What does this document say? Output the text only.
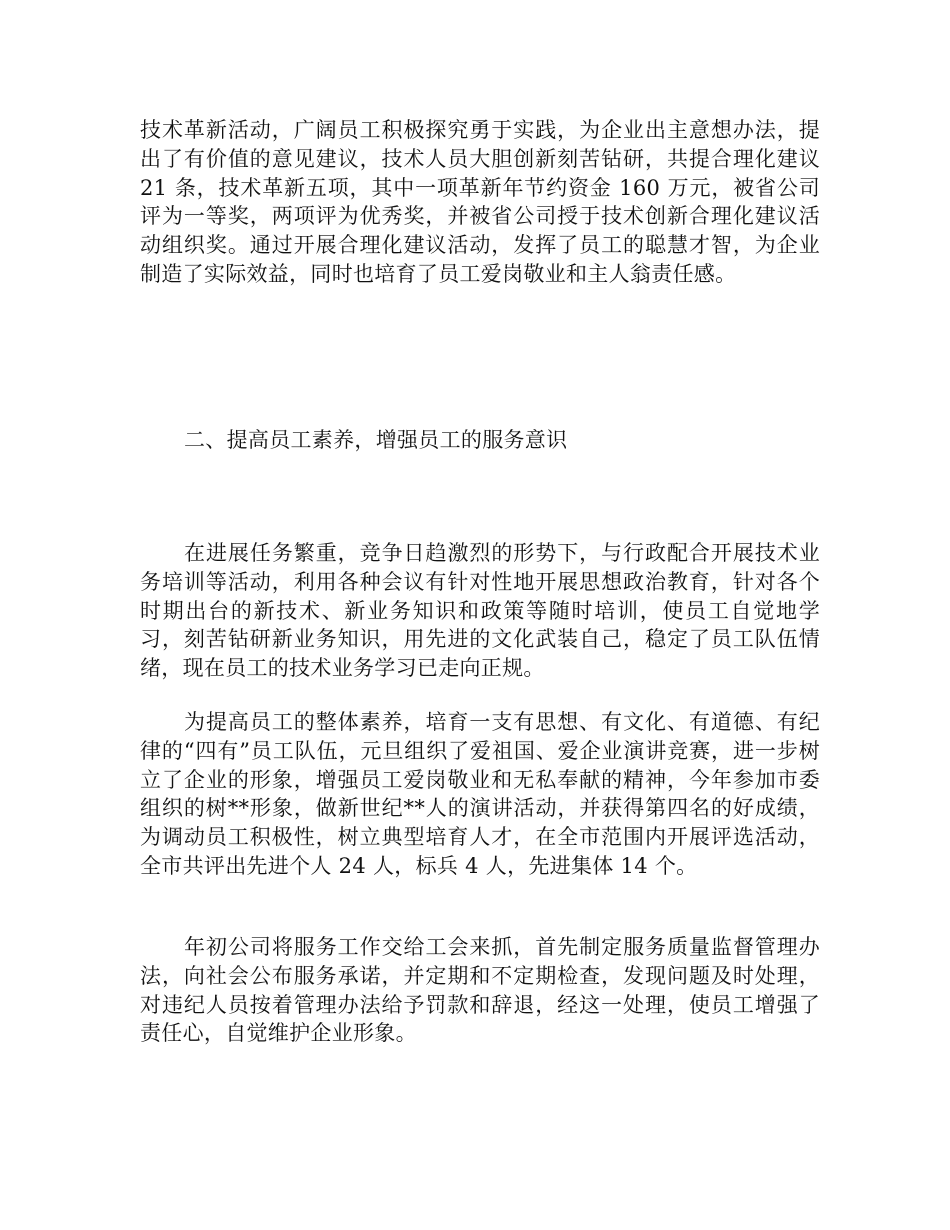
技术革新活动，广阔员工积极探究勇于实践，为企业出主意想办法，提出了有价值的意见建议，技术人员大胆创新刻苦钻研，共提合理化建议 21 条，技术革新五项，其中一项革新年节约资金 160 万元，被省公司评为一等奖，两项评为优秀奖，并被省公司授于技术创新合理化建议活动组织奖。通过开展合理化建议活动，发挥了员工的聪慧才智，为企业制造了实际效益，同时也培育了员工爱岗敬业和主人翁责任感。

二、提高员工素养，增强员工的服务意识

在进展任务繁重，竞争日趋激烈的形势下，与行政配合开展技术业务培训等活动，利用各种会议有针对性地开展思想政治教育，针对各个时期出台的新技术、新业务知识和政策等随时培训，使员工自觉地学习，刻苦钻研新业务知识，用先进的文化武装自己，稳定了员工队伍情绪，现在员工的技术业务学习已走向正规。

为提高员工的整体素养，培育一支有思想、有文化、有道德、有纪律的“四有”员工队伍，元旦组织了爱祖国、爱企业演讲竞赛，进一步树立了企业的形象，增强员工爱岗敬业和无私奉献的精神，今年参加市委组织的树**形象，做新世纪**人的演讲活动，并获得第四名的好成绩，为调动员工积极性，树立典型培育人才，在全市范围内开展评选活动，全市共评出先进个人 24 人，标兵 4 人，先进集体 14 个。

年初公司将服务工作交给工会来抓，首先制定服务质量监督管理办法，向社会公布服务承诺，并定期和不定期检查，发现问题及时处理，对违纪人员按着管理办法给予罚款和辞退，经这一处理，使员工增强了责任心，自觉维护企业形象。
